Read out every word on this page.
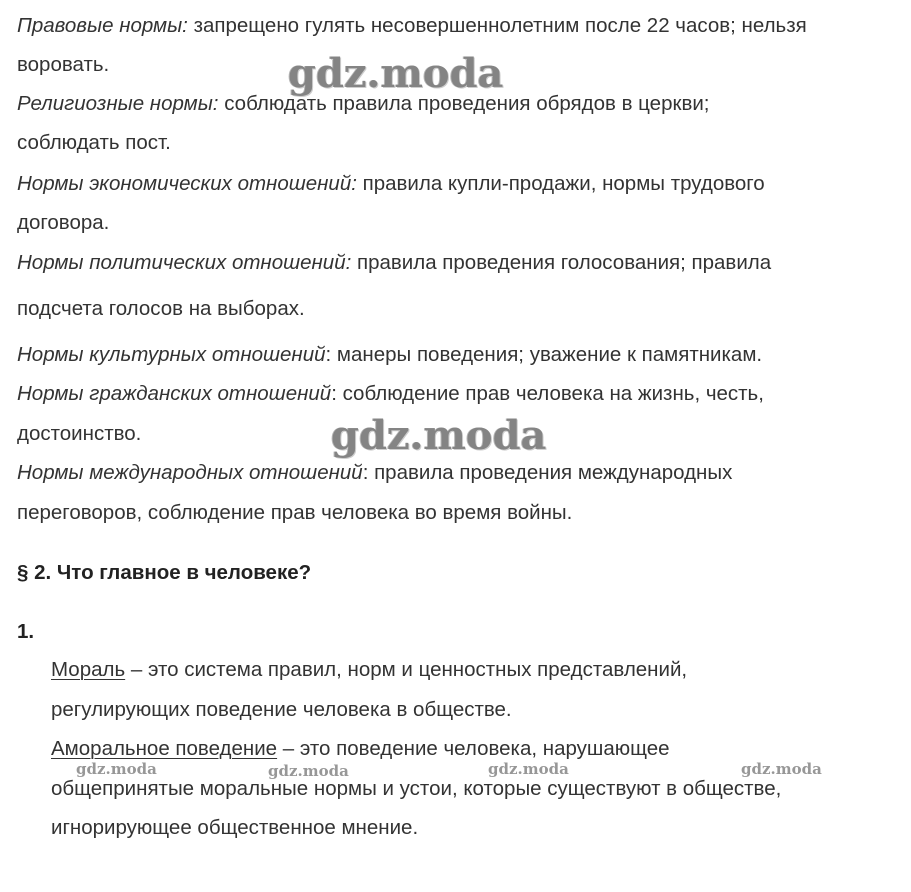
Правовые нормы: запрещено гулять несовершеннолетним после 22 часов; нельзя

воровать.

Религиозные нормы: соблюдать правила проведения обрядов в церкви;

соблюдать пост.

Нормы экономических отношений: правила купли-продажи, нормы трудового

договора.

Нормы политических отношений: правила проведения голосования; правила

подсчета голосов на выборах.

Нормы культурных отношений: манеры поведения; уважение к памятникам.

Нормы гражданских отношений: соблюдение прав человека на жизнь, честь,

достоинство.

Нормы международных отношений: правила проведения международных

переговоров, соблюдение прав человека во время войны.

§ 2. Что главное в человеке?

1.

Мораль – это система правил, норм и ценностных представлений,

регулирующих поведение человека в обществе.

Аморальное поведение – это поведение человека, нарушающее

общепринятые моральные нормы и устои, которые существуют в обществе,

игнорирующее общественное мнение.

gdz.moda
gdz.moda
gdz.moda	gdz.moda	gdz.moda	gdz.moda
